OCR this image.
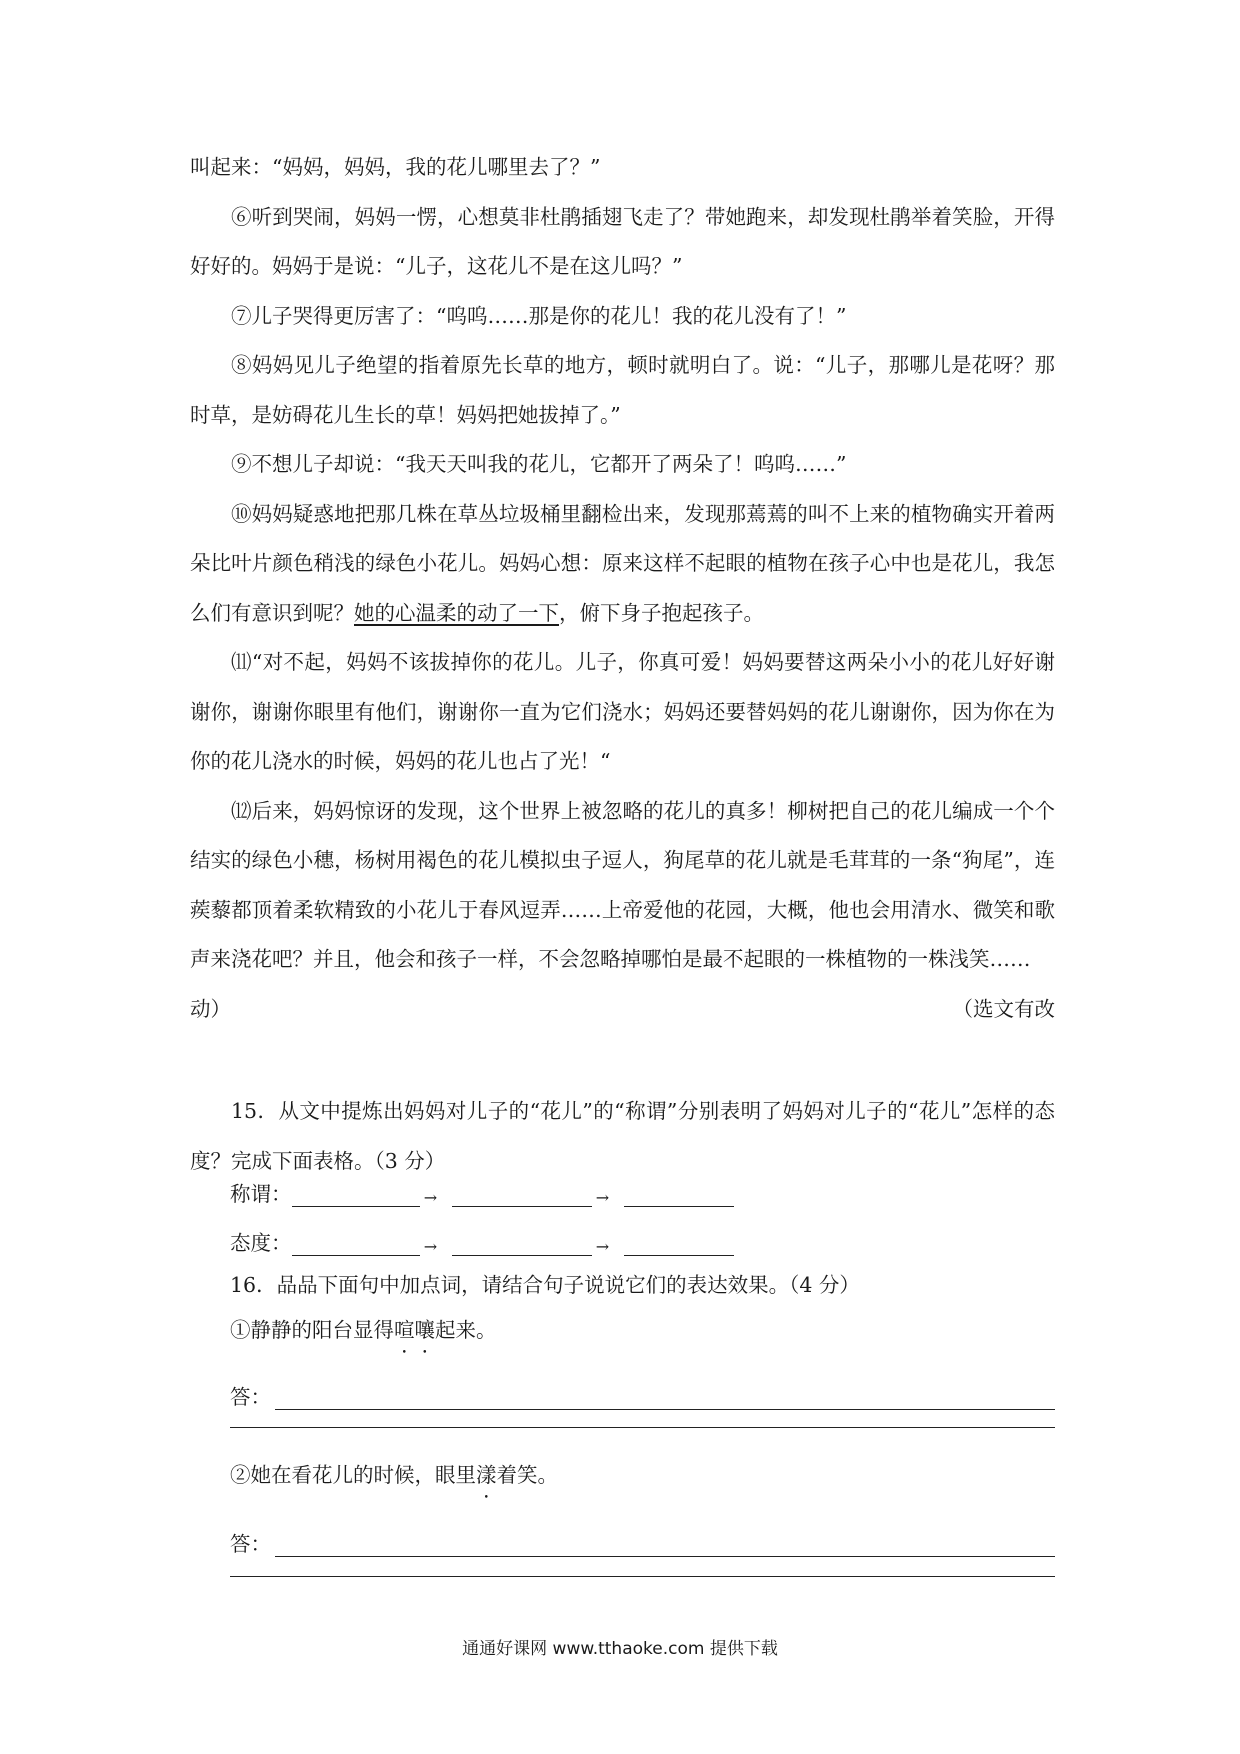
叫起来：“妈妈，妈妈，我的花儿哪里去了？”

⑥听到哭闹，妈妈一愣，心想莫非杜鹃插翅飞走了？带她跑来，却发现杜鹃举着笑脸，开得好好的。妈妈于是说：“儿子，这花儿不是在这儿吗？”

⑦儿子哭得更厉害了：“呜呜……那是你的花儿！我的花儿没有了！”

⑧妈妈见儿子绝望的指着原先长草的地方，顿时就明白了。说：“儿子，那哪儿是花呀？那时草，是妨碍花儿生长的草！妈妈把她拔掉了。”

⑨不想儿子却说：“我天天叫我的花儿，它都开了两朵了！呜呜……”

⑩妈妈疑惑地把那几株在草丛垃圾桶里翻检出来，发现那蔫蔫的叫不上来的植物确实开着两朵比叶片颜色稍浅的绿色小花儿。妈妈心想：原来这样不起眼的植物在孩子心中也是花儿，我怎么们有意识到呢？她的心温柔的动了一下，俯下身子抱起孩子。

⑾“对不起，妈妈不该拔掉你的花儿。儿子，你真可爱！妈妈要替这两朵小小的花儿好好谢谢你，谢谢你眼里有他们，谢谢你一直为它们浇水；妈妈还要替妈妈的花儿谢谢你，因为你在为你的花儿浇水的时候，妈妈的花儿也占了光！“

⑿后来，妈妈惊讶的发现，这个世界上被忽略的花儿的真多！柳树把自己的花儿编成一个个结实的绿色小穗，杨树用褐色的花儿模拟虫子逗人，狗尾草的花儿就是毛茸茸的一条“狗尾”，连蒺藜都顶着柔软精致的小花儿于春风逗弄……上帝爱他的花园，大概，他也会用清水、微笑和歌声来浇花吧？并且，他会和孩子一样，不会忽略掉哪怕是最不起眼的一株植物的一株浅笑……
（选文有改

动）

15．从文中提炼出妈妈对儿子的“花儿”的“称谓”分别表明了妈妈对儿子的“花儿”怎样的态度？完成下面表格。（3 分）

称谓：	→	→
态度：	→	→
16．品品下面句中加点词，请结合句子说说它们的表达效果。（4 分）
①静静的阳台显得喧嚷起来。
答：
②她在看花儿的时候，眼里漾着笑。
答：
通通好课网 www.tthaoke.com 提供下载
